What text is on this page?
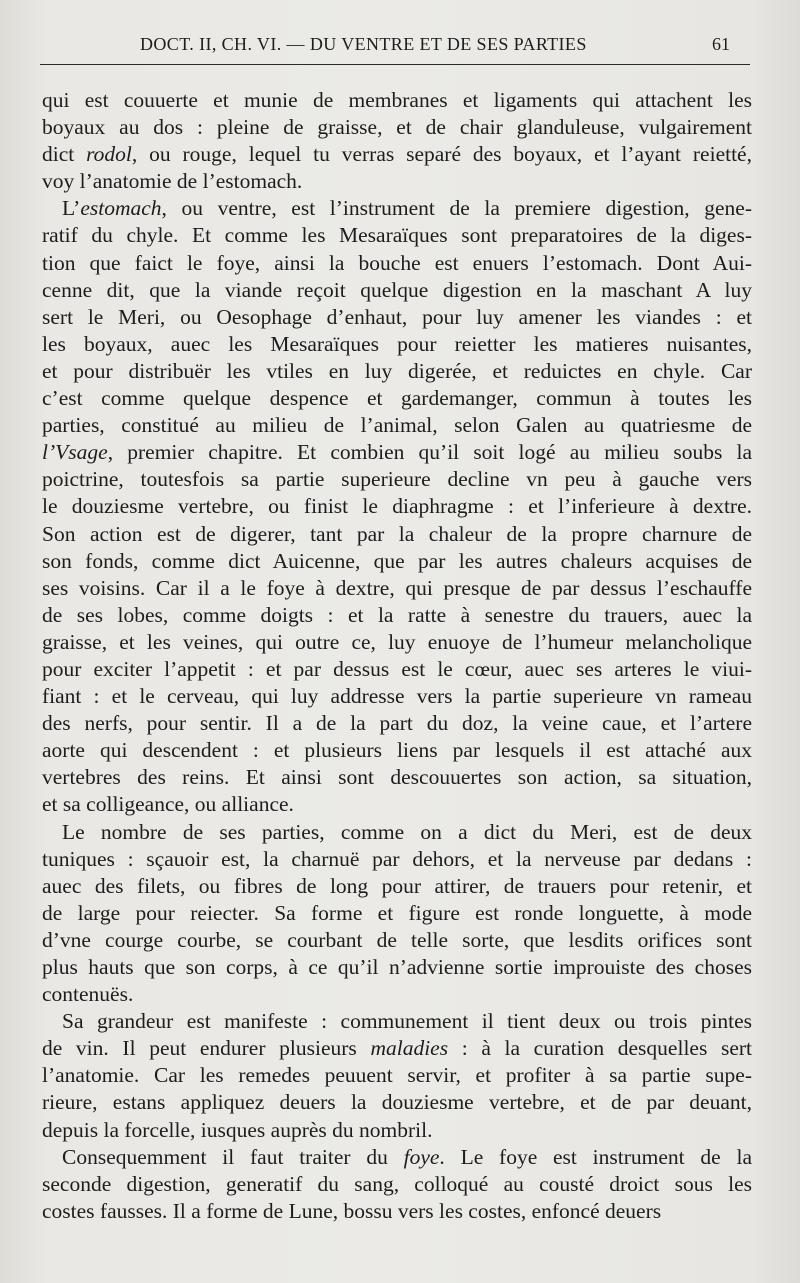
DOCT. II, CH. VI. — DU VENTRE ET DE SES PARTIES	61
qui est couuerte et munie de membranes et ligaments qui attachent les
boyaux au dos : pleine de graisse, et de chair glanduleuse, vulgairement
dict rodol, ou rouge, lequel tu verras separé des boyaux, et l’ayant reietté,
voy l’anatomie de l’estomach.
L’estomach, ou ventre, est l’instrument de la premiere digestion, gene-
ratif du chyle. Et comme les Mesaraïques sont preparatoires de la diges-
tion que faict le foye, ainsi la bouche est enuers l’estomach. Dont Aui-
cenne dit, que la viande reçoit quelque digestion en la maschant A luy
sert le Meri, ou Oesophage d’enhaut, pour luy amener les viandes : et
les boyaux, auec les Mesaraïques pour reietter les matieres nuisantes,
et pour distribuër les vtiles en luy digerée, et reduictes en chyle. Car
c’est comme quelque despence et gardemanger, commun à toutes les
parties, constitué au milieu de l’animal, selon Galen au quatriesme de
l’Vsage, premier chapitre. Et combien qu’il soit logé au milieu soubs la
poictrine, toutesfois sa partie superieure decline vn peu à gauche vers
le douziesme vertebre, ou finist le diaphragme : et l’inferieure à dextre.
Son action est de digerer, tant par la chaleur de la propre charnure de
son fonds, comme dict Auicenne, que par les autres chaleurs acquises de
ses voisins. Car il a le foye à dextre, qui presque de par dessus l’eschauffe
de ses lobes, comme doigts : et la ratte à senestre du trauers, auec la
graisse, et les veines, qui outre ce, luy enuoye de l’humeur melancholique
pour exciter l’appetit : et par dessus est le cœur, auec ses arteres le viui-
fiant : et le cerveau, qui luy addresse vers la partie superieure vn rameau
des nerfs, pour sentir. Il a de la part du doz, la veine caue, et l’artere
aorte qui descendent : et plusieurs liens par lesquels il est attaché aux
vertebres des reins. Et ainsi sont descouuertes son action, sa situation,
et sa colligeance, ou alliance.
Le nombre de ses parties, comme on a dict du Meri, est de deux
tuniques : sçauoir est, la charnuë par dehors, et la nerveuse par dedans :
auec des filets, ou fibres de long pour attirer, de trauers pour retenir, et
de large pour reiecter. Sa forme et figure est ronde longuette, à mode
d’vne courge courbe, se courbant de telle sorte, que lesdits orifices sont
plus hauts que son corps, à ce qu’il n’advienne sortie improuiste des choses
contenuës.
Sa grandeur est manifeste : communement il tient deux ou trois pintes
de vin. Il peut endurer plusieurs maladies : à la curation desquelles sert
l’anatomie. Car les remedes peuuent servir, et profiter à sa partie supe-
rieure, estans appliquez deuers la douziesme vertebre, et de par deuant,
depuis la forcelle, iusques auprès du nombril.
Consequemment il faut traiter du foye. Le foye est instrument de la
seconde digestion, generatif du sang, colloqué au cousté droict sous les
costes fausses. Il a forme de Lune, bossu vers les costes, enfoncé deuers
